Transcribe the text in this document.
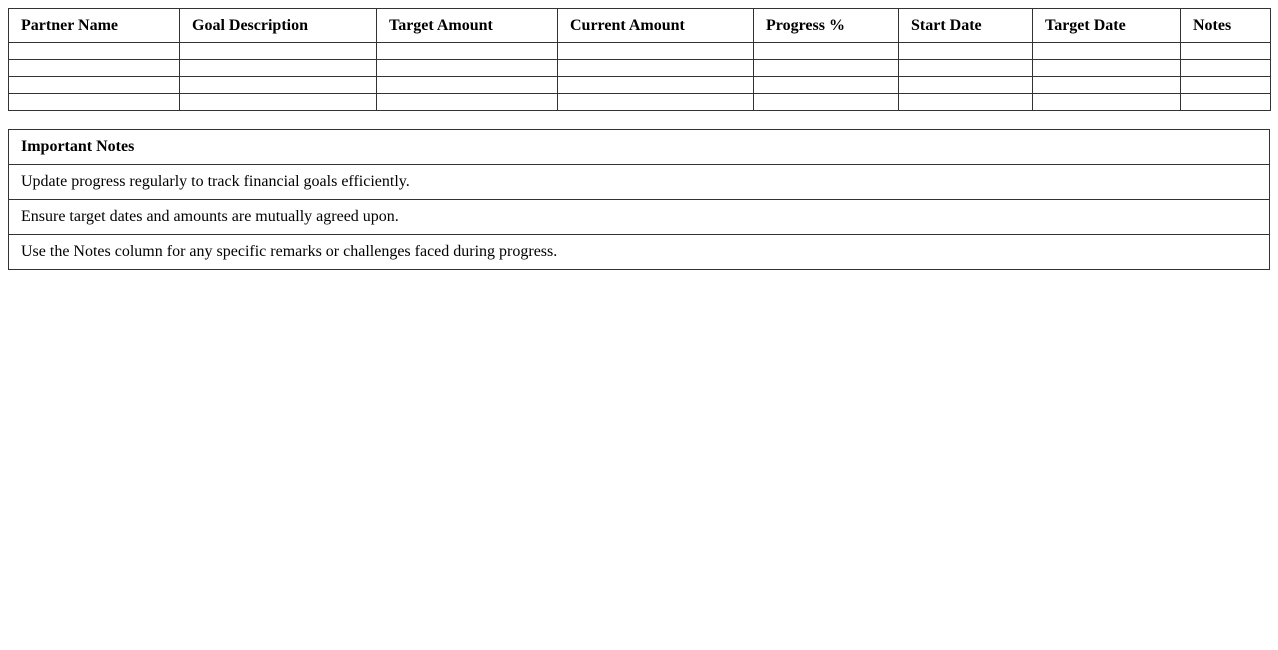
Partner Name	Goal Description	Target Amount	Current Amount	Progress %	Start Date	Target Date	Notes

Important Notes
Update progress regularly to track financial goals efficiently.
Ensure target dates and amounts are mutually agreed upon.
Use the Notes column for any specific remarks or challenges faced during progress.
